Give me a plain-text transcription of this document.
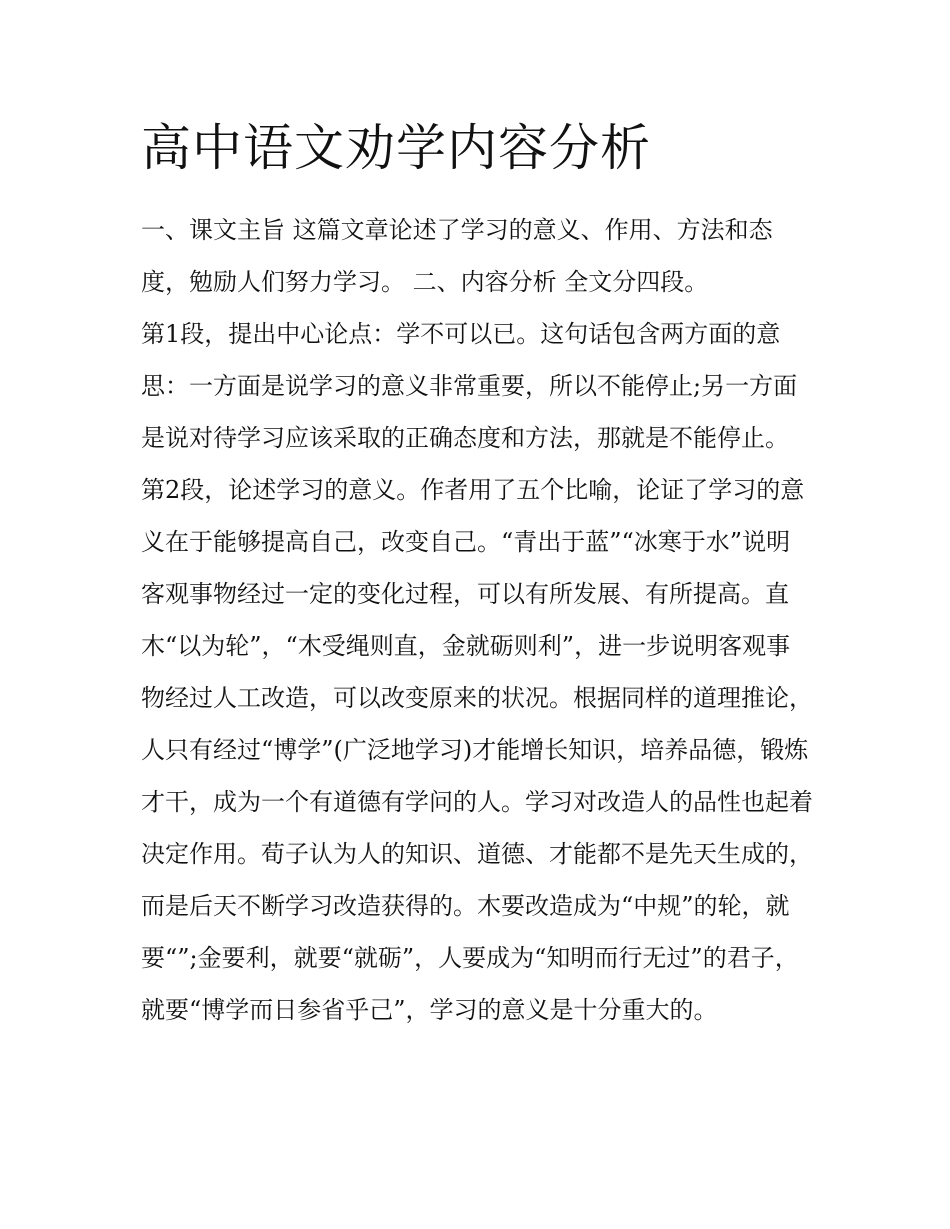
高中语文劝学内容分析

一、课文主旨 这篇文章论述了学习的意义、作用、方法和态度，勉励人们努力学习。 二、内容分析 全文分四段。

第1段，提出中心论点：学不可以已。这句话包含两方面的意思：一方面是说学习的意义非常重要，所以不能停止;另一方面是说对待学习应该采取的正确态度和方法，那就是不能停止。

第2段，论述学习的意义。作者用了五个比喻，论证了学习的意义在于能够提高自己，改变自己。“青出于蓝”“冰寒于水”说明客观事物经过一定的变化过程，可以有所发展、有所提高。直木“以为轮”，“木受绳则直，金就砺则利”，进一步说明客观事物经过人工改造，可以改变原来的状况。根据同样的道理推论，人只有经过“博学”(广泛地学习)才能增长知识，培养品德，锻炼才干，成为一个有道德有学问的人。学习对改造人的品性也起着决定作用。荀子认为人的知识、道德、才能都不是先天生成的，而是后天不断学习改造获得的。木要改造成为“中规”的轮，就要“”;金要利，就要“就砺”，人要成为“知明而行无过”的君子，就要“博学而日参省乎己”，学习的意义是十分重大的。
